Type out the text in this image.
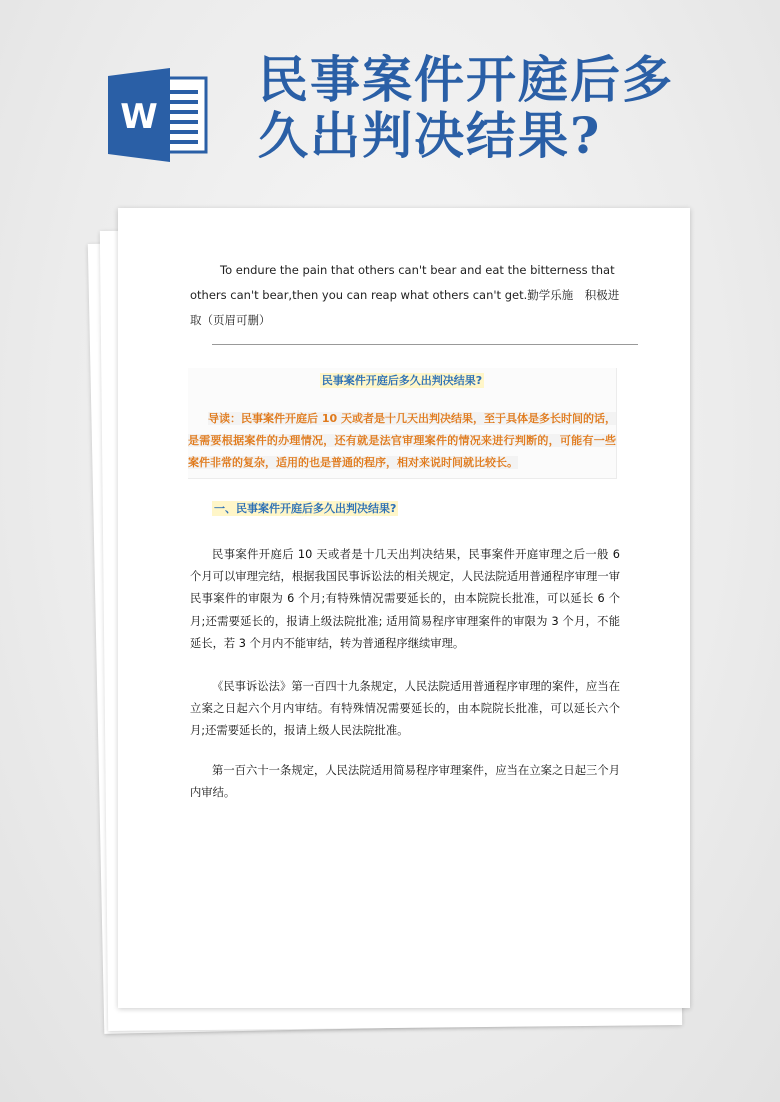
W
民事案件开庭后多
久出判决结果?

To endure the pain that others can't bear and eat the bitterness that others can't bear,then you can reap what others can't get.勤学乐施　积极进取（页眉可删）

民事案件开庭后多久出判决结果?

导读：民事案件开庭后 10 天或者是十几天出判决结果，至于具体是多长时间的话，是需要根据案件的办理情况，还有就是法官审理案件的情况来进行判断的，可能有一些案件非常的复杂，适用的也是普通的程序，相对来说时间就比较长。

一、民事案件开庭后多久出判决结果?

民事案件开庭后 10 天或者是十几天出判决结果，民事案件开庭审理之后一般 6 个月可以审理完结，根据我国民事诉讼法的相关规定，人民法院适用普通程序审理一审民事案件的审限为 6 个月;有特殊情况需要延长的，由本院院长批准，可以延长 6 个月;还需要延长的，报请上级法院批准; 适用简易程序审理案件的审限为 3 个月，不能延长，若 3 个月内不能审结，转为普通程序继续审理。

《民事诉讼法》第一百四十九条规定，人民法院适用普通程序审理的案件，应当在立案之日起六个月内审结。有特殊情况需要延长的，由本院院长批准，可以延长六个月;还需要延长的，报请上级人民法院批准。

第一百六十一条规定，人民法院适用简易程序审理案件，应当在立案之日起三个月内审结。
